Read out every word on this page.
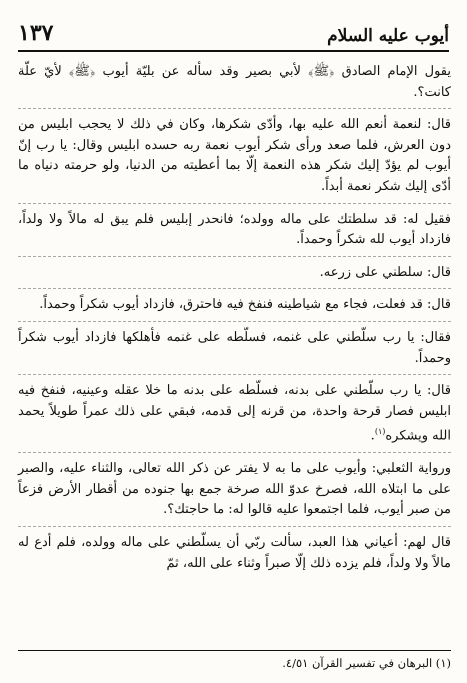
أيوب عليه السلام
١٣٧

يقول الإمام الصادق ﴿ﷺ﴾ لأبي بصير وقد سأله عن بليّة أيوب ﴿ﷺ﴾ لأيّ علّة كانت؟.

قال: لنعمة أنعم الله عليه بها، وأدّى شكرها، وكان في ذلك لا يحجب ابليس من دون العرش، فلما صعد ورأى شكر أيوب نعمة ربه حسده ابليس وقال: يا رب إنّ أيوب لم يؤدّ إليك شكر هذه النعمة إلّا بما أعطيته من الدنيا، ولو حرمته دنياه ما أدّى إليك شكر نعمة أبداً.

فقيل له: قد سلطتك على ماله وولده؛ فانحدر إبليس فلم يبق له مالاً ولا ولداً، فازداد أيوب لله شكراً وحمداً.

قال: سلطني على زرعه.

قال: قد فعلت، فجاء مع شياطينه فنفخ فيه فاحترق، فازداد أيوب شكراً وحمداً.

فقال: يا رب سلّطني على غنمه، فسلّطه على غنمه فأهلكها فازداد أيوب شكراً وحمداً.

قال: يا رب سلّطني على بدنه، فسلّطه على بدنه ما خلا عقله وعينيه، فنفخ فيه ابليس فصار قرحة واحدة، من قرنه إلى قدمه، فبقي على ذلك عمراً طويلاً يحمد الله ويشكره$^{(١)}$.

ورواية الثعلبي: وأيوب على ما به لا يفتر عن ذكر الله تعالى، والثناء عليه، والصبر على ما ابتلاه الله، فصرخ عدوّ الله صرخة جمع بها جنوده من أقطار الأرض فزعاً من صبر أيوب، فلما اجتمعوا عليه قالوا له: ما حاجتك؟.

قال لهم: أعياني هذا العبد، سألت ربّي أن يسلّطني على ماله وولده، فلم أدع له مالاً ولا ولداً، فلم يزده ذلك إلّا صبراً وثناء على الله، ثمّ

(١) البرهان في تفسير القرآن ٤/٥١.
